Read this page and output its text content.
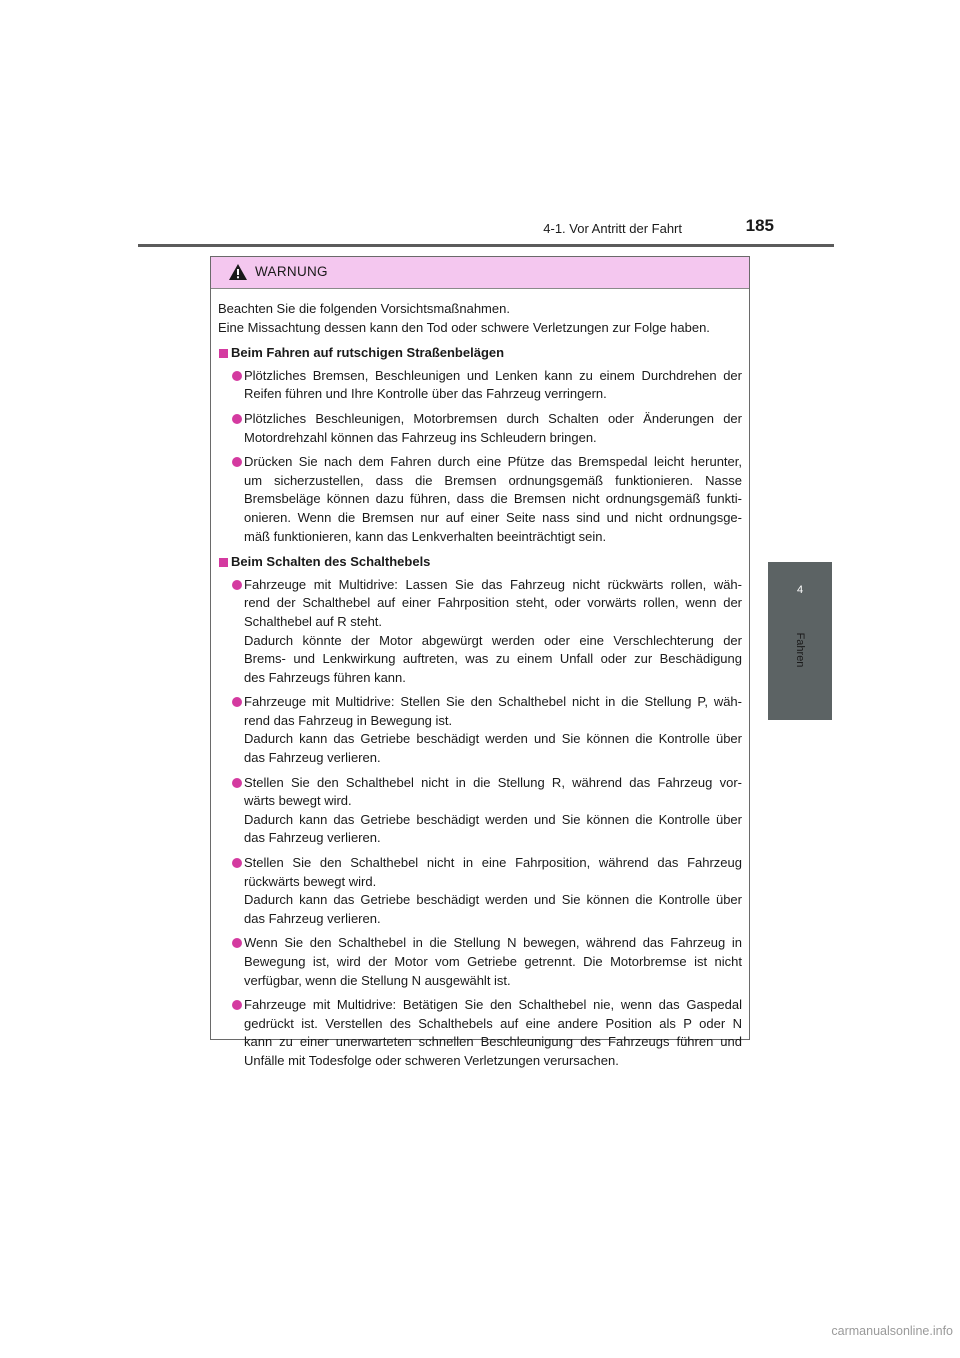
4-1. Vor Antritt der Fahrt	185
4
Fahren
WARNUNG

Beachten Sie die folgenden Vorsichtsmaßnahmen.

Eine Missachtung dessen kann den Tod oder schwere Verletzungen zur Folge haben.

Beim Fahren auf rutschigen Straßenbelägen

Plötzliches Bremsen, Beschleunigen und Lenken kann zu einem Durchdrehen der
Reifen führen und Ihre Kontrolle über das Fahrzeug verringern.

Plötzliches Beschleunigen, Motorbremsen durch Schalten oder Änderungen der
Motordrehzahl können das Fahrzeug ins Schleudern bringen.

Drücken Sie nach dem Fahren durch eine Pfütze das Bremspedal leicht herunter,
um sicherzustellen, dass die Bremsen ordnungsgemäß funktionieren. Nasse
Bremsbeläge können dazu führen, dass die Bremsen nicht ordnungsgemäß funkti-
onieren. Wenn die Bremsen nur auf einer Seite nass sind und nicht ordnungsge-
mäß funktionieren, kann das Lenkverhalten beeinträchtigt sein.

Beim Schalten des Schalthebels

Fahrzeuge mit Multidrive: Lassen Sie das Fahrzeug nicht rückwärts rollen, wäh-
rend der Schalthebel auf einer Fahrposition steht, oder vorwärts rollen, wenn der
Schalthebel auf R steht.
Dadurch könnte der Motor abgewürgt werden oder eine Verschlechterung der
Brems- und Lenkwirkung auftreten, was zu einem Unfall oder zur Beschädigung
des Fahrzeugs führen kann.

Fahrzeuge mit Multidrive: Stellen Sie den Schalthebel nicht in die Stellung P, wäh-
rend das Fahrzeug in Bewegung ist.
Dadurch kann das Getriebe beschädigt werden und Sie können die Kontrolle über
das Fahrzeug verlieren.

Stellen Sie den Schalthebel nicht in die Stellung R, während das Fahrzeug vor-
wärts bewegt wird.
Dadurch kann das Getriebe beschädigt werden und Sie können die Kontrolle über
das Fahrzeug verlieren.

Stellen Sie den Schalthebel nicht in eine Fahrposition, während das Fahrzeug
rückwärts bewegt wird.
Dadurch kann das Getriebe beschädigt werden und Sie können die Kontrolle über
das Fahrzeug verlieren.

Wenn Sie den Schalthebel in die Stellung N bewegen, während das Fahrzeug in
Bewegung ist, wird der Motor vom Getriebe getrennt. Die Motorbremse ist nicht
verfügbar, wenn die Stellung N ausgewählt ist.

Fahrzeuge mit Multidrive: Betätigen Sie den Schalthebel nie, wenn das Gaspedal
gedrückt ist. Verstellen des Schalthebels auf eine andere Position als P oder N
kann zu einer unerwarteten schnellen Beschleunigung des Fahrzeugs führen und
Unfälle mit Todesfolge oder schweren Verletzungen verursachen.

carmanualsonline.info
